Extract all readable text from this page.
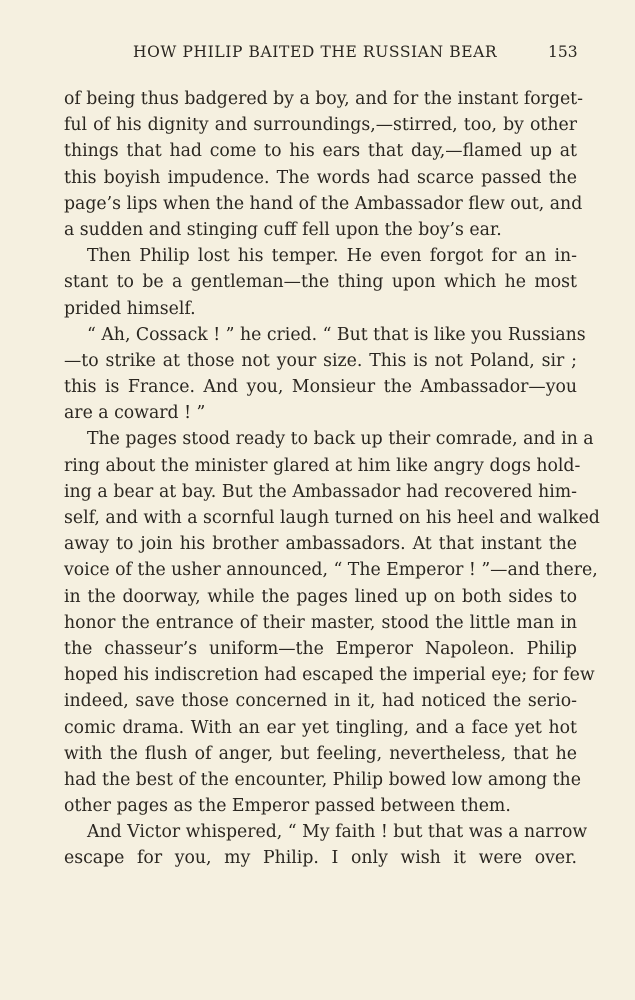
HOW PHILIP BAITED THE RUSSIAN BEAR	153
of being thus badgered by a boy, and for the instant forget-
ful of his dignity and surroundings,—stirred, too, by other
things that had come to his ears that day,—flamed up at
this boyish impudence. The words had scarce passed the
page’s lips when the hand of the Ambassador flew out, and
a sudden and stinging cuff fell upon the boy’s ear.
Then Philip lost his temper. He even forgot for an in-
stant to be a gentleman—the thing upon which he most
prided himself.
“ Ah, Cossack ! ” he cried. “ But that is like you Russians
—to strike at those not your size. This is not Poland, sir ;
this is France. And you, Monsieur the Ambassador—you
are a coward ! ”
The pages stood ready to back up their comrade, and in a
ring about the minister glared at him like angry dogs hold-
ing a bear at bay. But the Ambassador had recovered him-
self, and with a scornful laugh turned on his heel and walked
away to join his brother ambassadors. At that instant the
voice of the usher announced, “ The Emperor ! ”—and there,
in the doorway, while the pages lined up on both sides to
honor the entrance of their master, stood the little man in
the chasseur’s uniform—the Emperor Napoleon. Philip
hoped his indiscretion had escaped the imperial eye; for few
indeed, save those concerned in it, had noticed the serio-
comic drama. With an ear yet tingling, and a face yet hot
with the flush of anger, but feeling, nevertheless, that he
had the best of the encounter, Philip bowed low among the
other pages as the Emperor passed between them.
And Victor whispered, “ My faith ! but that was a narrow
escape for you, my Philip. I only wish it were over.
